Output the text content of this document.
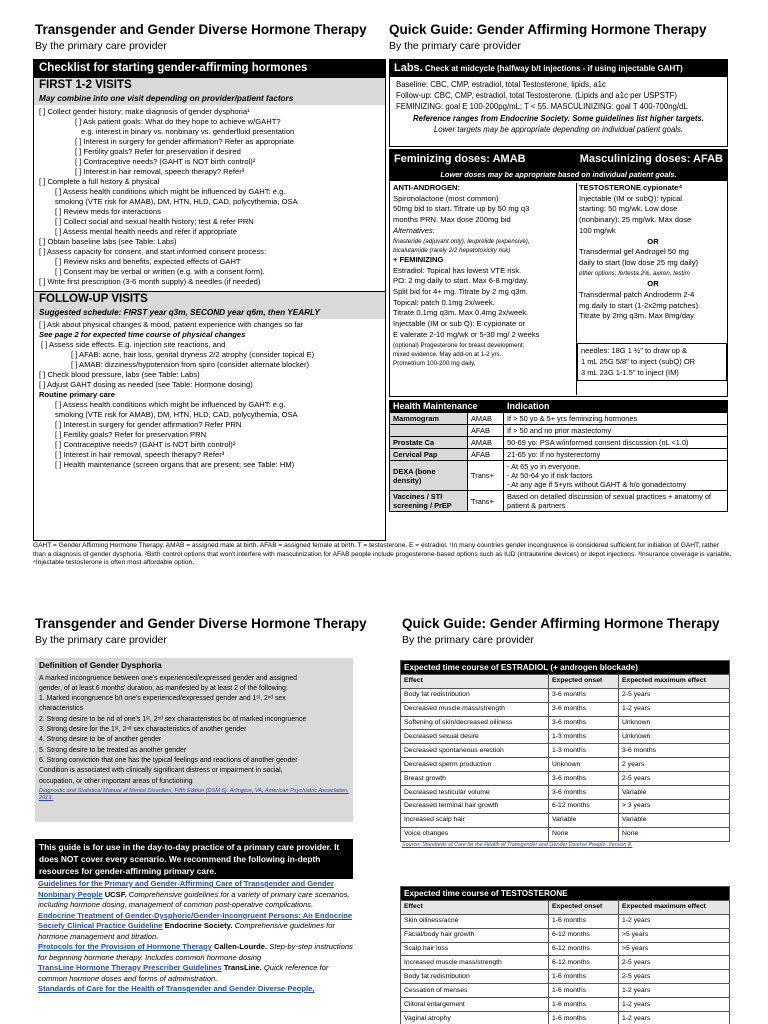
Transgender and Gender Diverse Hormone Therapy
By the primary care provider
Quick Guide: Gender Affirming Hormone Therapy
By the primary care provider
Checklist for starting gender-affirming hormones
FIRST 1-2 VISITS
May combine into one visit depending on provider/patient factors
[ ] Collect gender history; make diagnosis of gender dysphoria¹
[ ] Ask patient goals: What do they hope to achieve w/GAHT?
e.g. interest in binary vs. nonbinary vs. genderfluid presentation
[ ] Interest in surgery for gender affirmation? Refer as appropriate
[ ] Fertility goals? Refer for preservation if desired
[ ] Contraceptive needs? (GAHT is NOT birth control)²
[ ] Interest in hair removal, speech therapy? Refer³
[ ] Complete a full history & physical
[ ] Assess health conditions which might be influenced by GAHT: e.g.
smoking (VTE risk for AMAB), DM, HTN, HLD, CAD, polycythemia, OSA
[ ] Review meds for interactions
[ ] Collect social and sexual health history; test & refer PRN
[ ] Assess mental health needs and refer if appropriate
[ ] Obtain baseline labs (see Table: Labs)
[ ] Assess capacity for consent, and start informed consent process:
[ ] Review risks and benefits, expected effects of GAHT
[ ] Consent may be verbal or written (e.g. with a consent form).
[ ] Write first prescription (3-6 month supply) & needles (if needed)
FOLLOW-UP VISITS
Suggested schedule: FIRST year q3m, SECOND year q6m, then YEARLY
[ ] Ask about physical changes & mood, patient experience with changes so far
See page 2 for expected time course of physical changes
[ ] Assess side effects. E.g. injection site reactions, and
[ ] AFAB: acne, hair loss, genital dryness 2/2 atrophy (consider topical E)
[ ] AMAB: dizziness/hypotension from spiro (consider alternate blocker)
[ ] Check blood pressure, labs (see Table: Labs)
[ ] Adjust GAHT dosing as needed (see Table: Hormone dosing)
Routine primary care
[ ] Assess health conditions which might be influenced by GAHT: e.g.
smoking (VTE risk for AMAB), DM, HTN, HLD, CAD, polycythemia, OSA
[ ] Interest in surgery for gender affirmation? Refer PRN
[ ] Fertility goals? Refer for preservation PRN
[ ] Contraceptive needs? (GAHT is NOT birth control)²
[ ] Interest in hair removal, speech therapy? Refer³
[ ] Health maintenance (screen organs that are present; see Table: HM)
Labs. Check at midcycle (halfway b/t injections - if using injectable GAHT)
Baseline: CBC, CMP, estradiol, total Testosterone, lipids, a1c
Follow-up: CBC, CMP, estradiol, total Testosterone. (Lipids and a1c per USPSTF)
FEMINIZING: goal E 100-200pg/mL; T < 55. MASCULINIZING: goal T 400-700ng/dL
Reference ranges from Endocrine Society. Some guidelines list higher targets.
Lower targets may be appropriate depending on individual patient goals.
Feminizing doses: AMAB	Masculinizing doses: AFAB
Lower doses may be appropriate based on individual patient goals.
ANTI-ANDROGEN:
Spironolactone (most common)
50mg bid to start. Titrate up by 50 mg q3
months PRN. Max dose 200mg bid
Alternatives:
finasteride (adjuvant only), leuprolide (expensive),
bicalutamide (rarely 2/2 hepatotoxicity risk)
+ FEMINIZING
Estradiol: Topical has lowest VTE risk.
PO: 2 mg daily to start. Max 6-8 mg/day.
Split bid for 4+ mg. Titrate by 2 mg q3m.
Topical: patch 0.1mg 2x/week.
Titrate 0.1mg q3m. Max 0.4mg 2x/week.
Injectable (IM or sub Q): E cypionate or
E valerate 2-10 mg/wk or 5-30 mg/ 2 weeks
(optional) Progesterone for breast development;
mixed evidence. May add-on at 1-2 yrs.
Prometrium 100-200 mg daily.
TESTOSTERONE cypionate⁴
Injectable (IM or subQ): typical
starting: 50 mg/wk. Low dose
(nonbinary): 25 mg/wk. Max dose
100 mg/wk
OR
Transdermal gel Androgel 50 mg
daily to start (low dose 25 mg daily)
other options: fortesta 2%, axiron, testim
OR
Transdermal patch Androderm 2-4
mg daily to start (1-2x2mg patches).
Titrate by 2mg q3m. Max 8mg/day
needles: 18G 1 ½" to draw up &
1 mL 25G 5/8" to inject (subQ) OR
3 mL 23G 1-1.5" to inject (IM)
Health Maintenance		Indication
Mammogram	AMAB	If > 50 yo & 5+ yrs feminizing hormones
	AFAB	If > 50 and no prior mastectomy
Prostate Ca	AMAB	50-69 yo: PSA w/informed consent discussion (nL <1.0)
Cervical Pap	AFAB	21-65 yo: If no hysterectomy
DEXA (bone density)	Trans+	- At 65 yo in everyone.
- At 50-64 yo if risk factors
- At any age if 5+yrs without GAHT & h/o gonadectomy
Vaccines / STI screening / PrEP	Trans+	Based on detailed discussion of sexual practices + anatomy of patient & partners
GAHT = Gender Affirming Hormone Therapy. AMAB = assigned male at birth. AFAB = assigned female at birth. T = testosterone. E = estradiol. ¹In many countries gender incongruence is considered sufficient for initiation of GAHT, rather than a diagnosis of gender dysphoria. ²Birth control options that won't interfere with masculinization for AFAB people include progesterone-based options such as IUD (intrauterine devices) or depot injections. ³Insurance coverage is variable. ⁴Injectable testosterone is often most affordable option.
Transgender and Gender Diverse Hormone Therapy
By the primary care provider
Quick Guide: Gender Affirming Hormone Therapy
By the primary care provider
Definition of Gender Dysphoria
A marked incongruence between one's experienced/expressed gender and assigned
gender, of at least 6 months' duration, as manifested by at least 2 of the following:
1. Marked incongruence b/t one's experienced/expressed gender and 1ˢᵗ, 2ⁿᵈ sex
characteristics
2. Strong desire to be rid of one's 1ˢᵗ, 2ⁿᵈ sex characteristics bc of marked incongruence
3. Strong desire for the 1ˢᵗ, 2ⁿᵈ sex characteristics of another gender
4. Strong desire to be of another gender
5. Strong desire to be treated as another gender
6. Strong conviction that one has the typical feelings and reactions of another gender
Condition is associated with clinically significant distress or impairment in social,
occupation, or other important areas of functioning
Diagnostic and Statistical Manual of Mental Disorders, Fifth Edition (DSM-5). Arlington, VA, American Psychiatric Association, 2013.
This guide is for use in the day-to-day practice of a primary care provider. It does NOT cover every scenario. We recommend the following in-depth resources for gender-affirming primary care.
Guidelines for the Primary and Gender-Affirming Care of Transgender and Gender Nonbinary People UCSF. Comprehensive guidelines for a variety of primary care scenarios, including hormone dosing, management of common post-operative complications.
Endocrine Treatment of Gender-Dysphoric/Gender-Incongruent Persons: An Endocrine Society Clinical Practice Guideline Endocrine Society. Comprehensive guidelines for hormone management and titration.
Protocols for the Provision of Hormone Therapy Callen-Lourde. Step-by-step instructions for beginning hormone therapy. Includes common hormone dosing
TransLine Hormone Therapy Prescriber Guidelines TransLine. Quick reference for common hormone doses and forms of administration.
Standards of Care for the Health of Transgender and Gender Diverse People,
Expected time course of ESTRADIOL (+ androgen blockade)		
Effect	Expected onset	Expected maximum effect
Body fat redistribution	3-6 months	2-5 years
Decreased muscle mass/strength	3-6 months	1-2 years
Softening of skin/decreased oiliness	3-6 months	Unknown
Decreased sexual desire	1-3 months	Unknown
Decreased spontaneous erection	1-3 months	3-6 months
Decreased sperm production	Unknown	2 years
Breast growth	3-6 months	2-5 years
Decreased testicular volume	3-6 months	Variable
Decreased terminal hair growth	6-12 months	> 3 years
Increased scalp hair	Variable	Variable
Voice changes	None	None
Source: Standards of Care for the Health of Transgender and Gender Diverse People, Version 8.
Expected time course of TESTOSTERONE		
Effect	Expected onset	Expected maximum effect
Skin oiliness/acne	1-6 months	1-2 years
Facial/body hair growth	6-12 months	>5 years
Scalp hair loss	6-12 months	>5 years
Increased muscle mass/strength	6-12 months	2-5 years
Body fat redistribution	1-6 months	2-5 years
Cessation of menses	1-6 months	1-2 years
Clitoral enlargement	1-6 months	1-2 years
Vaginal atrophy	1-6 months	1-2 years
